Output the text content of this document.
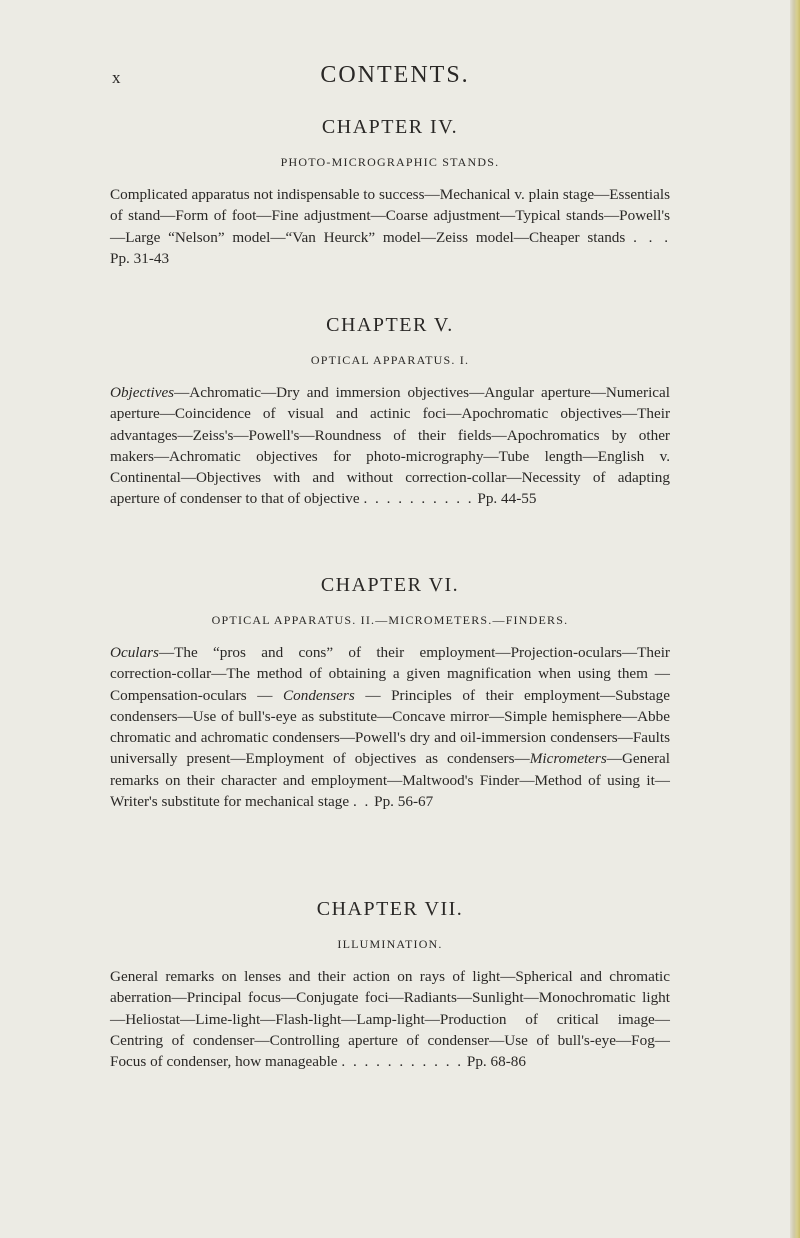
x	CONTENTS.
CHAPTER IV.
PHOTO-MICROGRAPHIC STANDS.

Complicated apparatus not indispensable to success—Mechanical v. plain stage—Essentials of stand—Form of foot—Fine adjustment—Coarse adjustment—Typical stands—Powell's—Large “Nelson” model—“Van Heurck” model—Zeiss model—Cheaper stands . . . Pp. 31-43

CHAPTER V.
OPTICAL APPARATUS. I.

Objectives—Achromatic—Dry and immersion objectives—Angular aperture—Numerical aperture—Coincidence of visual and actinic foci—Apochromatic objectives—Their advantages—Zeiss's—Powell's—Roundness of their fields—Apochromatics by other makers—Achromatic objectives for photo-micrography—Tube length—English v. Continental—Objectives with and without correction-collar—Necessity of adapting aperture of condenser to that of objective . . . . . . . . . . Pp. 44-55

CHAPTER VI.
OPTICAL APPARATUS. II.—MICROMETERS.—FINDERS.

Oculars—The “pros and cons” of their employment—Projection-oculars—Their correction-collar—The method of obtaining a given magnification when using them — Compensation-oculars — Condensers — Principles of their employment—Substage condensers—Use of bull's-eye as substitute—Concave mirror—Simple hemisphere—Abbe chromatic and achromatic condensers—Powell's dry and oil-immersion condensers—Faults universally present—Employment of objectives as condensers—Micrometers—General remarks on their character and employment—Maltwood's Finder—Method of using it—Writer's substitute for mechanical stage . . Pp. 56-67

CHAPTER VII.
ILLUMINATION.

General remarks on lenses and their action on rays of light—Spherical and chromatic aberration—Principal focus—Conjugate foci—Radiants—Sunlight—Monochromatic light—Heliostat—Lime-light—Flash-light—Lamp-light—Production of critical image—Centring of condenser—Controlling aperture of condenser—Use of bull's-eye—Fog—Focus of condenser, how manageable . . . . . . . . . . . Pp. 68-86
